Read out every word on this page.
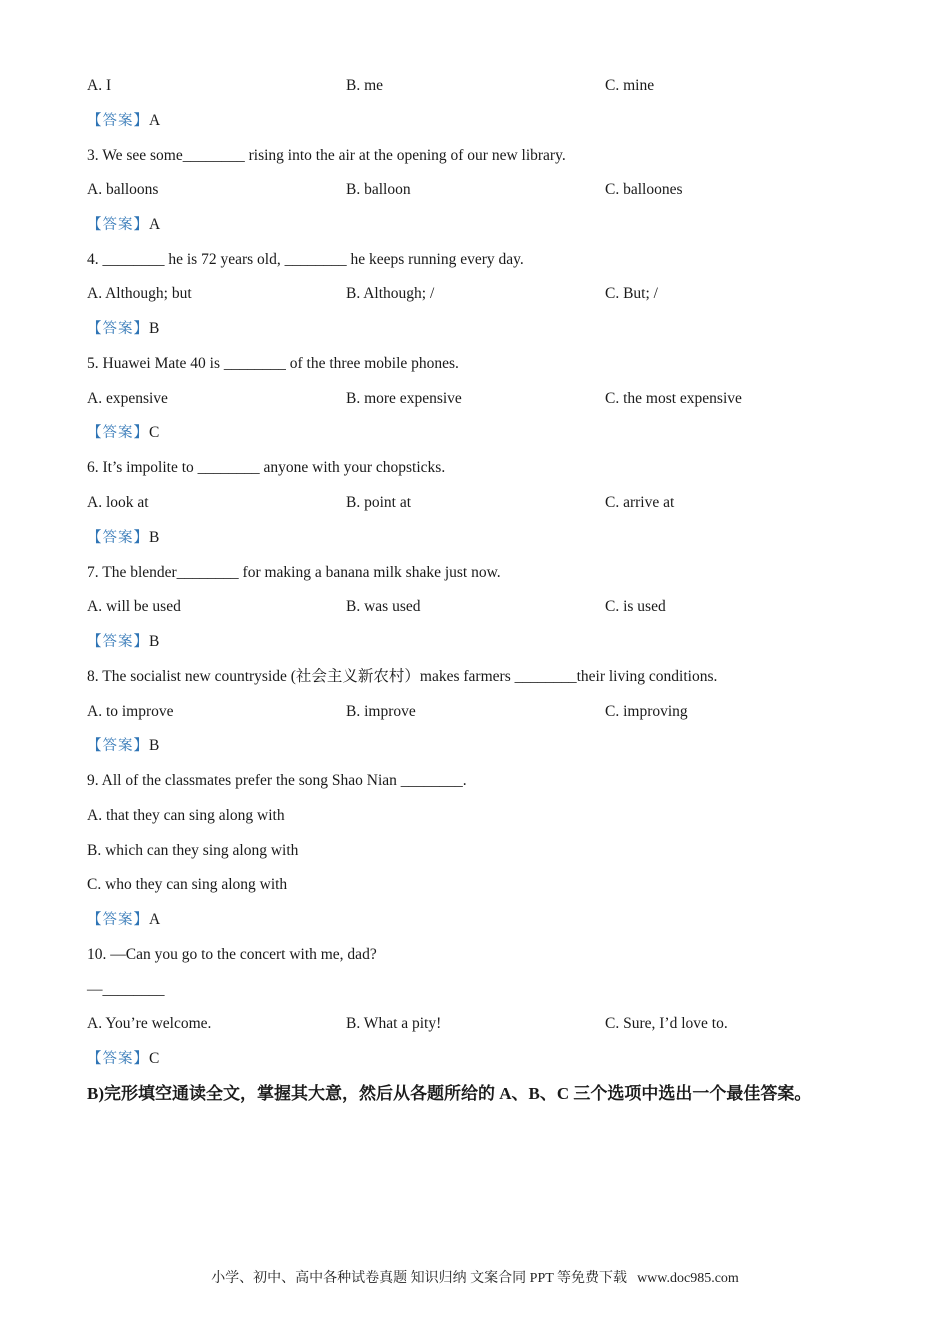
A. I	B. me	C. mine
【答案】A
3. We see some________ rising into the air at the opening of our new library.
A. balloons	B. balloon	C. balloones
【答案】A
4. ________ he is 72 years old, ________ he keeps running every day.
A. Although; but	B. Although; /	C. But; /
【答案】B
5. Huawei Mate 40 is ________ of the three mobile phones.
A. expensive	B. more expensive	C. the most expensive
【答案】C
6. It’s impolite to ________ anyone with your chopsticks.
A. look at	B. point at	C. arrive at
【答案】B
7. The blender________ for making a banana milk shake just now.
A. will be used	B. was used	C. is used
【答案】B
8. The socialist new countryside (社会主义新农村）makes farmers ________their living conditions.
A. to improve	B. improve	C. improving
【答案】B
9. All of the classmates prefer the song Shao Nian ________.
A. that they can sing along with
B. which can they sing along with
C. who they can sing along with
【答案】A
10. —Can you go to the concert with me, dad?
—________
A. You’re welcome.	B. What a pity!	C. Sure, I’d love to.
【答案】C
B)完形填空通读全文，掌握其大意，然后从各题所给的 A、B、C 三个选项中选出一个最佳答案。
小学、初中、高中各种试卷真题 知识归纳 文案合同 PPT 等免费下载 www.doc985.com
